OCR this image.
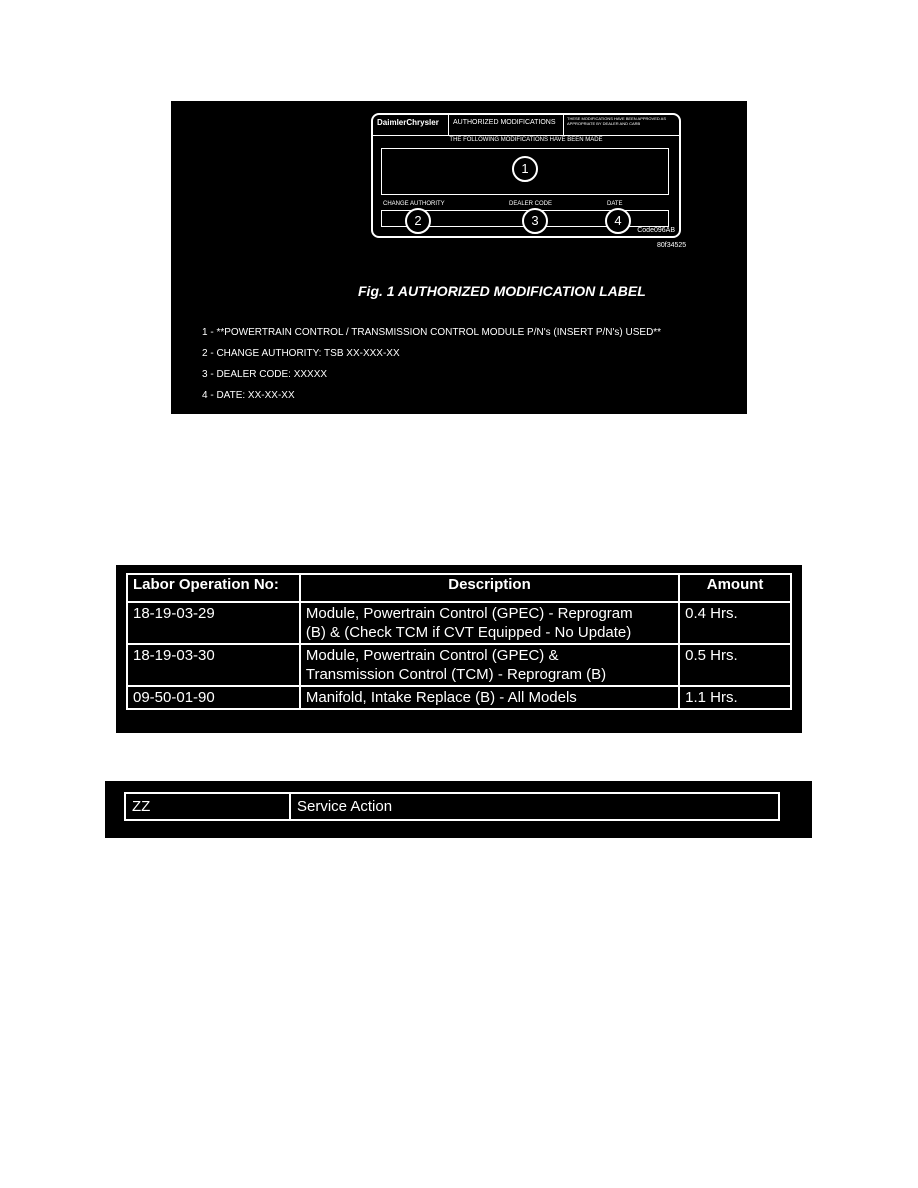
DaimlerChrysler AUTHORIZED MODIFICATIONS
THESE MODIFICATIONS HAVE BEEN APPROVED AS APPROPRIATE BY DEALER AND CARB
THE FOLLOWING MODIFICATIONS HAVE BEEN MADE
CHANGE AUTHORITY	DEALER CODE	DATE
Code096AB
1
2	3	4
80f34525
Fig. 1 AUTHORIZED MODIFICATION LABEL
1 - **POWERTRAIN CONTROL / TRANSMISSION CONTROL MODULE P/N's (INSERT P/N's) USED**
2 - CHANGE AUTHORITY: TSB XX-XXX-XX
3 - DEALER CODE: XXXXX
4 - DATE: XX-XX-XX
Labor Operation No:	Description	Amount
18-19-03-29	Module, Powertrain Control (GPEC) - Reprogram
(B) & (Check TCM if CVT Equipped - No Update)	0.4 Hrs.
18-19-03-30	Module, Powertrain Control (GPEC) &
Transmission Control (TCM) - Reprogram (B)	0.5 Hrs.
09-50-01-90	Manifold, Intake Replace (B) - All Models	1.1 Hrs.
ZZ	Service Action
